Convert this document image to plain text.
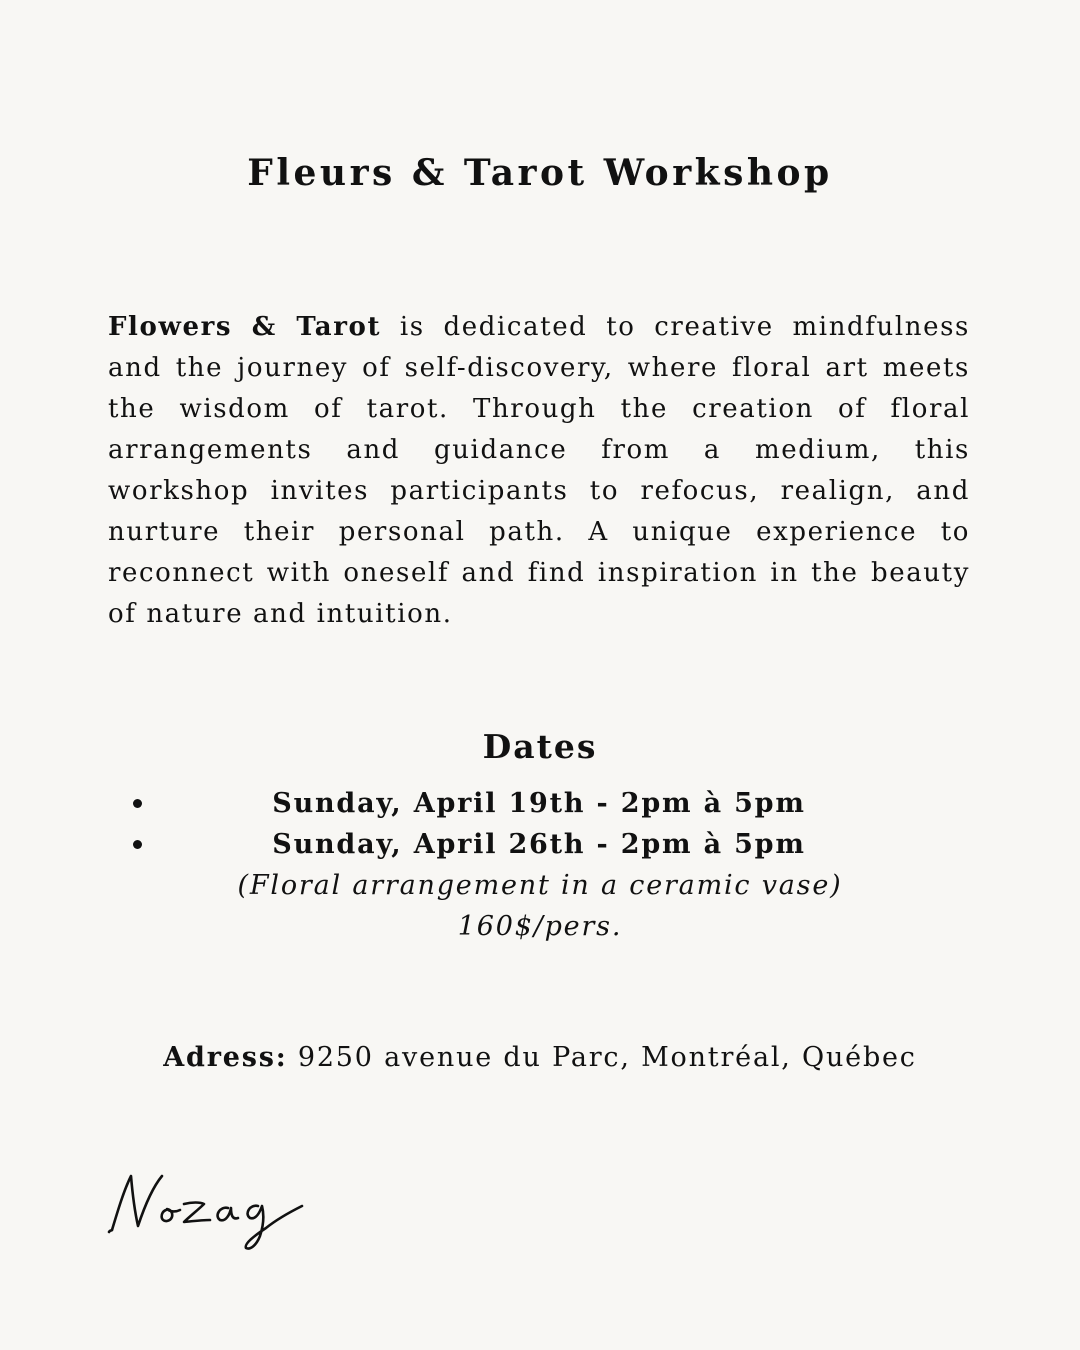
Fleurs & Tarot Workshop

Flowers & Tarot is dedicated to creative mindfulness and the journey of self-discovery, where floral art meets the wisdom of tarot. Through the creation of floral arrangements and guidance from a medium, this workshop invites participants to refocus, realign, and nurture their personal path. A unique experience to reconnect with oneself and find inspiration in the beauty of nature and intuition.

Dates
Sunday, April 19th - 2pm à 5pm
Sunday, April 26th - 2pm à 5pm

(Floral arrangement in a ceramic vase)

160$/pers.

Adress: 9250 avenue du Parc, Montréal, Québec
